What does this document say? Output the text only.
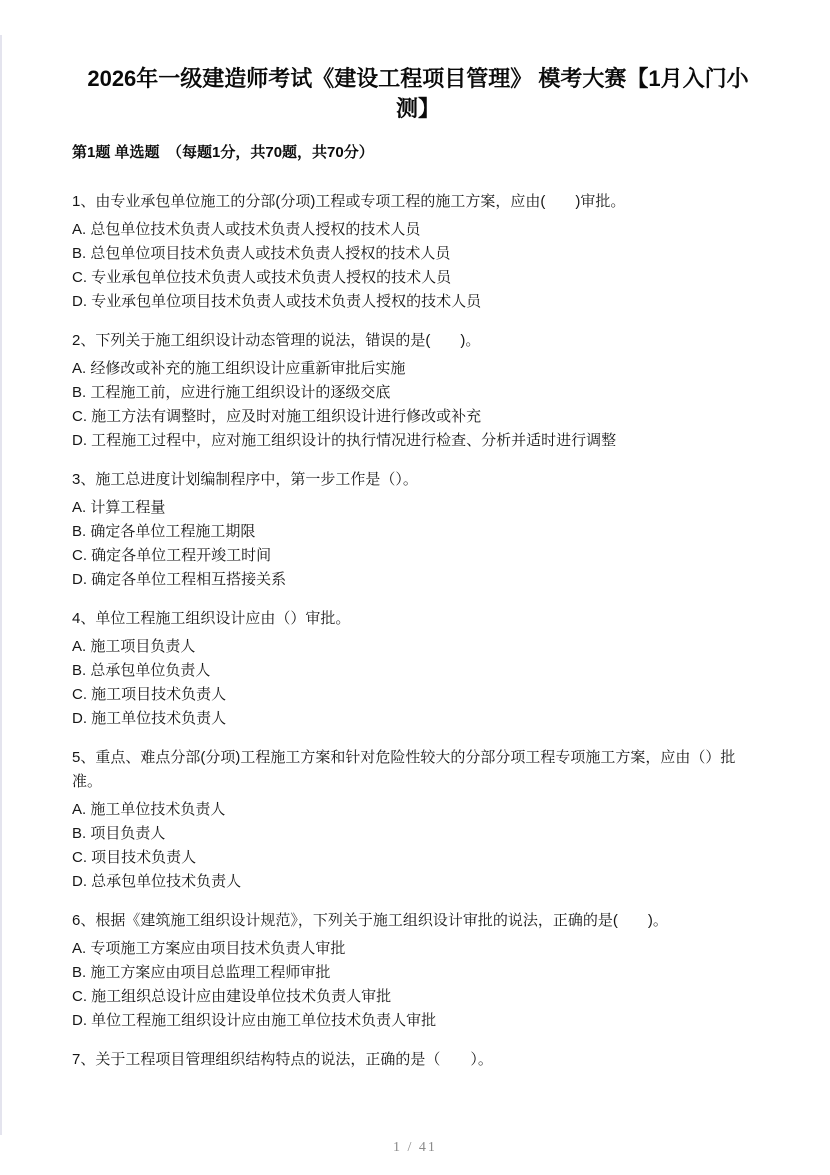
2026年一级建造师考试《建设工程项目管理》 模考大赛【1月入门小测】
第1题 单选题　（每题1分，共70题，共70分）

1、由专业承包单位施工的分部(分项)工程或专项工程的施工方案，应由(　　)审批。

A. 总包单位技术负责人或技术负责人授权的技术人员

B. 总包单位项目技术负责人或技术负责人授权的技术人员

C. 专业承包单位技术负责人或技术负责人授权的技术人员

D. 专业承包单位项目技术负责人或技术负责人授权的技术人员

2、下列关于施工组织设计动态管理的说法，错误的是(　　)。

A. 经修改或补充的施工组织设计应重新审批后实施

B. 工程施工前，应进行施工组织设计的逐级交底

C. 施工方法有调整时，应及时对施工组织设计进行修改或补充

D. 工程施工过程中，应对施工组织设计的执行情况进行检查、分析并适时进行调整

3、施工总进度计划编制程序中，第一步工作是（）。

A. 计算工程量

B. 确定各单位工程施工期限

C. 确定各单位工程开竣工时间

D. 确定各单位工程相互搭接关系

4、单位工程施工组织设计应由（）审批。

A. 施工项目负责人

B. 总承包单位负责人

C. 施工项目技术负责人

D. 施工单位技术负责人

5、重点、难点分部(分项)工程施工方案和针对危险性较大的分部分项工程专项施工方案，应由（）批准。

A. 施工单位技术负责人

B. 项目负责人

C. 项目技术负责人

D. 总承包单位技术负责人

6、根据《建筑施工组织设计规范》，下列关于施工组织设计审批的说法，正确的是(　　)。

A. 专项施工方案应由项目技术负责人审批

B. 施工方案应由项目总监理工程师审批

C. 施工组织总设计应由建设单位技术负责人审批

D. 单位工程施工组织设计应由施工单位技术负责人审批

7、关于工程项目管理组织结构特点的说法，正确的是（　　）。

1 / 41
